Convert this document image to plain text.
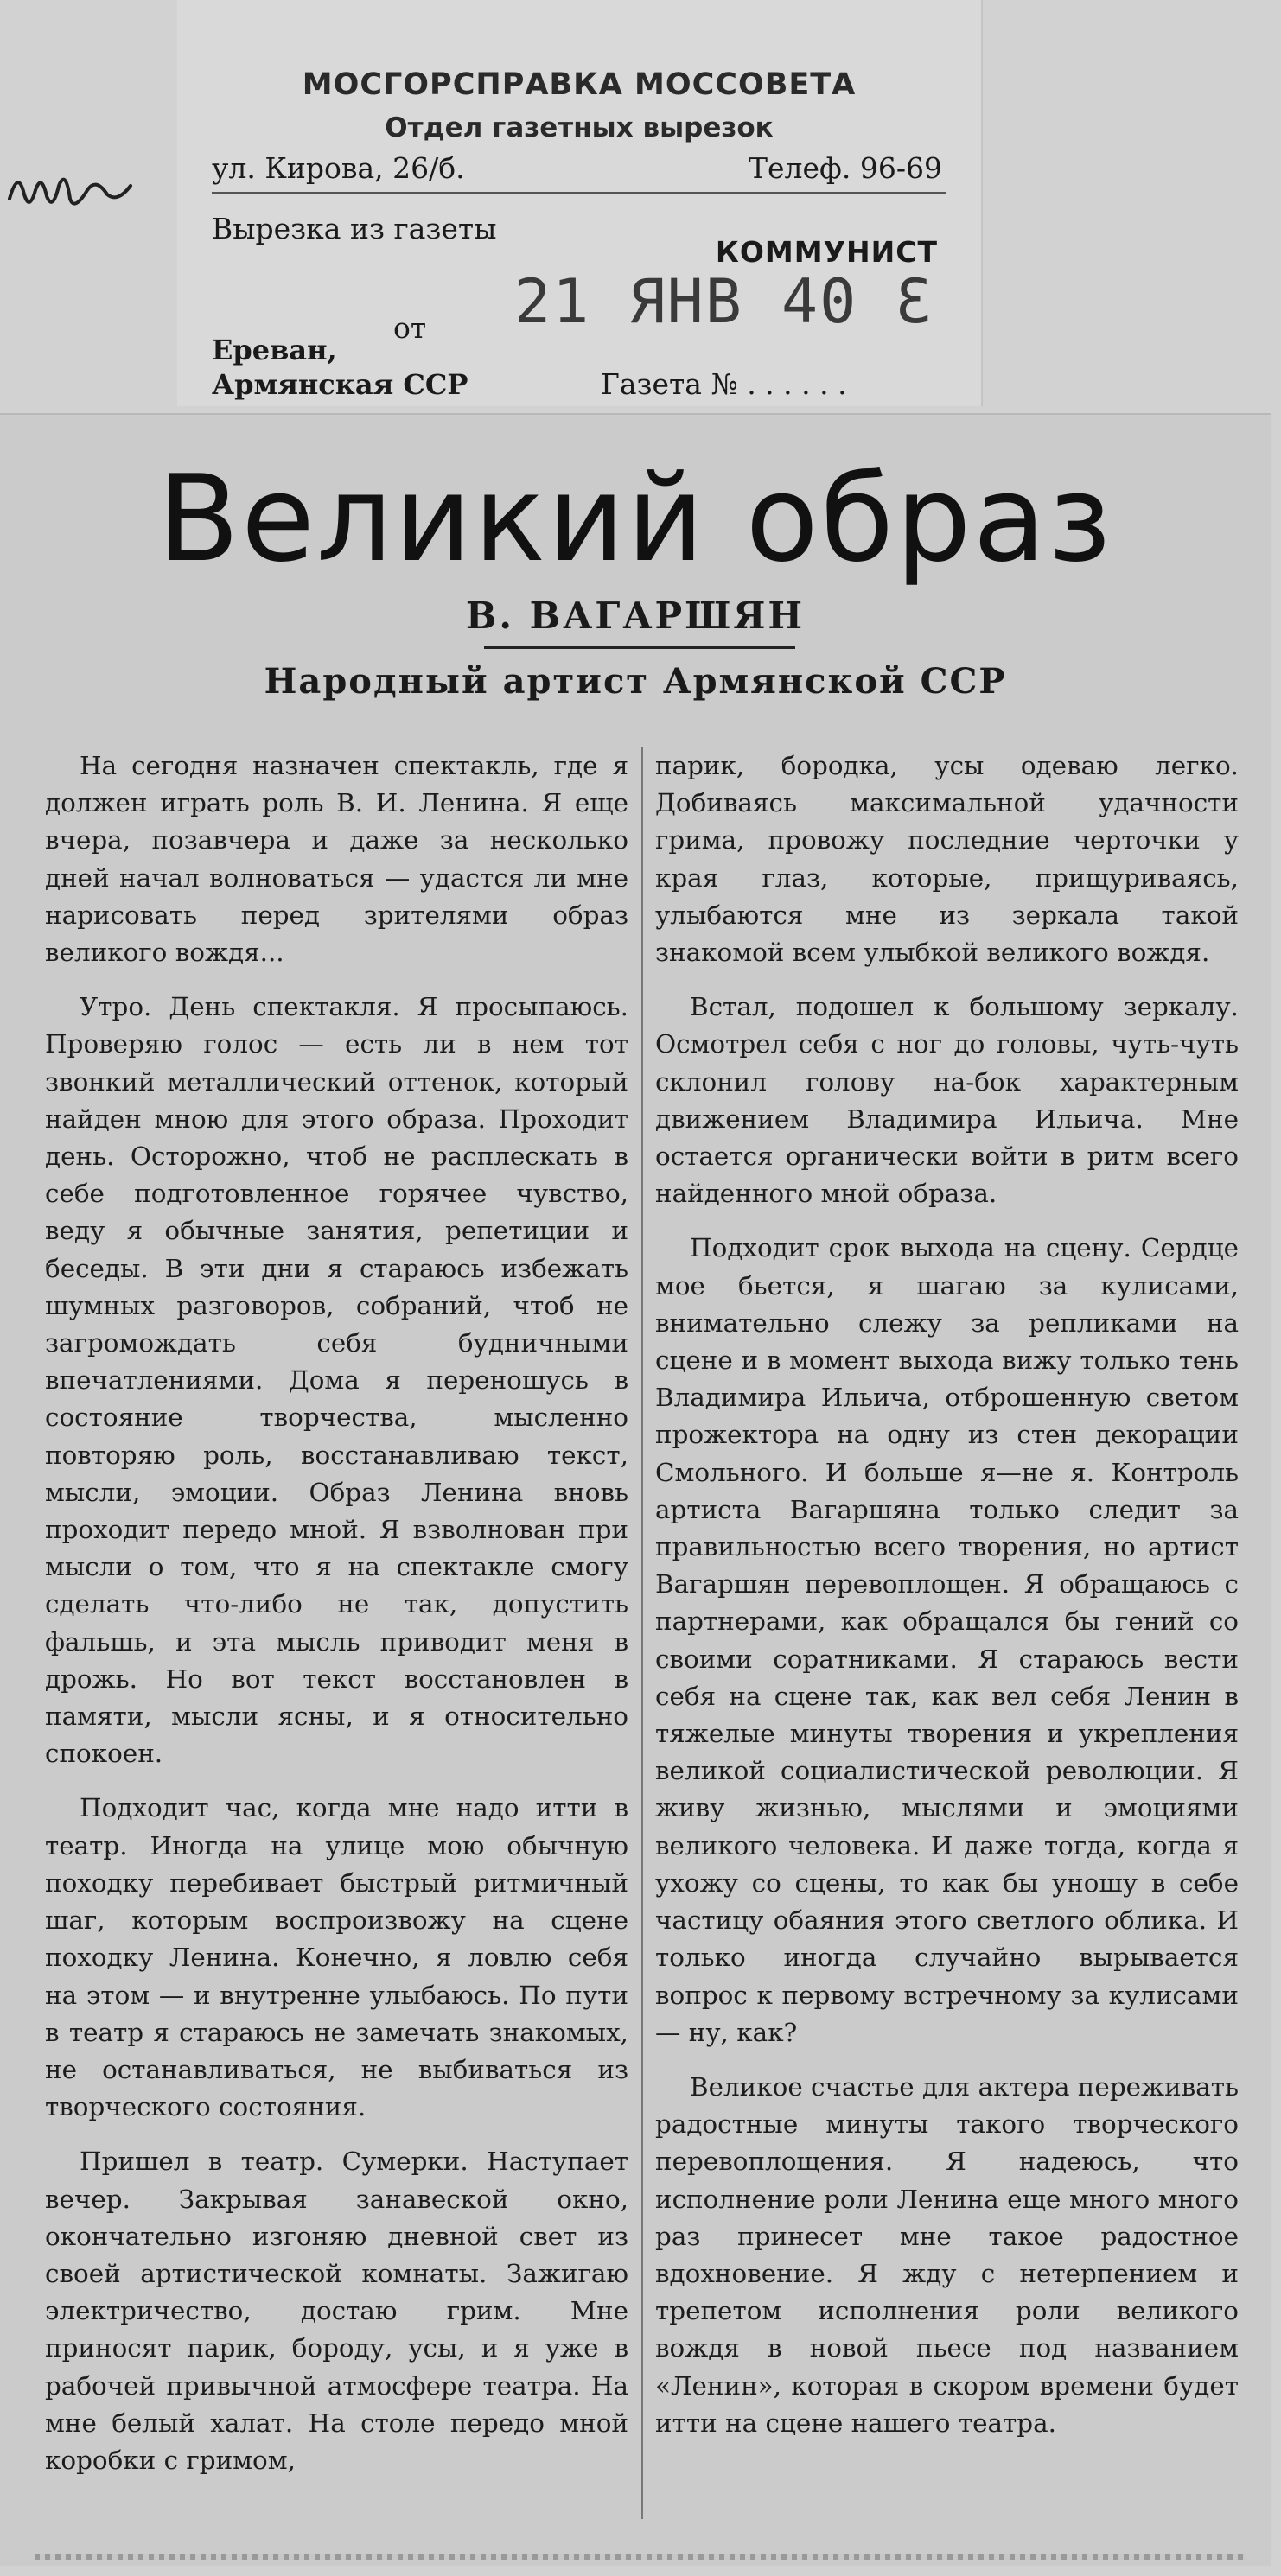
МОСГОРСПРАВКА МОССОВЕТА
Отдел газетных вырезок
ул. Кирова, 26/б.	Телеф. 96-69
Вырезка из газеты
КОММУНИСТ
21 ЯНВ 40 Ɛ
от
Ереван,
Армянская ССР	Газета № . . . . . .
Великий образ
В. ВАГАРШЯН
Народный артист Армянской ССР

На сегодня назначен спектакль, где я должен играть роль В. И. Ленина. Я еще вчера, позавчера и даже за несколько дней начал волноваться — удастся ли мне нарисовать перед зрителями образ великого вождя...

Утро. День спектакля. Я просыпаюсь. Проверяю голос — есть ли в нем тот звонкий металлический оттенок, который найден мною для этого образа. Проходит день. Осторожно, чтоб не расплескать в себе подготовленное горячее чувство, веду я обычные занятия, репетиции и беседы. В эти дни я стараюсь избежать шумных разговоров, собраний, чтоб не загромождать себя будничными впечатлениями. Дома я переношусь в состояние творчества, мысленно повторяю роль, восстанавливаю текст, мысли, эмоции. Образ Ленина вновь проходит передо мной. Я взволнован при мысли о том, что я на спектакле смогу сделать что-либо не так, допустить фальшь, и эта мысль приводит меня в дрожь. Но вот текст восстановлен в памяти, мысли ясны, и я относительно спокоен.

Подходит час, когда мне надо итти в театр. Иногда на улице мою обычную походку перебивает быстрый ритмичный шаг, которым воспроизвожу на сцене походку Ленина. Конечно, я ловлю себя на этом — и внутренне улыбаюсь. По пути в театр я стараюсь не замечать знакомых, не останавливаться, не выбиваться из творческого состояния.

Пришел в театр. Сумерки. Наступает вечер. Закрывая занавеской окно, окончательно изгоняю дневной свет из своей артистической комнаты. Зажигаю электричество, достаю грим. Мне приносят парик, бороду, усы, и я уже в рабочей привычной атмосфере театра. На мне белый халат. На столе передо мной коробки с гримом,

парик, бородка, усы одеваю легко. Добиваясь максимальной удачности грима, провожу последние черточки у края глаз, которые, прищуриваясь, улыбаются мне из зеркала такой знакомой всем улыбкой великого вождя.

Встал, подошел к большому зеркалу. Осмотрел себя с ног до головы, чуть-чуть склонил голову на-бок характерным движением Владимира Ильича. Мне остается органически войти в ритм всего найденного мной образа.

Подходит срок выхода на сцену. Сердце мое бьется, я шагаю за кулисами, внимательно слежу за репликами на сцене и в момент выхода вижу только тень Владимира Ильича, отброшенную светом прожектора на одну из стен декорации Смольного. И больше я—не я. Контроль артиста Вагаршяна только следит за правильностью всего творения, но артист Вагаршян перевоплощен. Я обращаюсь с партнерами, как обращался бы гений со своими соратниками. Я стараюсь вести себя на сцене так, как вел себя Ленин в тяжелые минуты творения и укрепления великой социалистической революции. Я живу жизнью, мыслями и эмоциями великого человека. И даже тогда, когда я ухожу со сцены, то как бы уношу в себе частицу обаяния этого светлого облика. И только иногда случайно вырывается вопрос к первому встречному за кулисами — ну, как?

Великое счастье для актера переживать радостные минуты такого творческого перевоплощения. Я надеюсь, что исполнение роли Ленина еще много много раз принесет мне такое радостное вдохновение. Я жду с нетерпением и трепетом исполнения роли великого вождя в новой пьесе под названием «Ленин», которая в скором времени будет итти на сцене нашего театра.
